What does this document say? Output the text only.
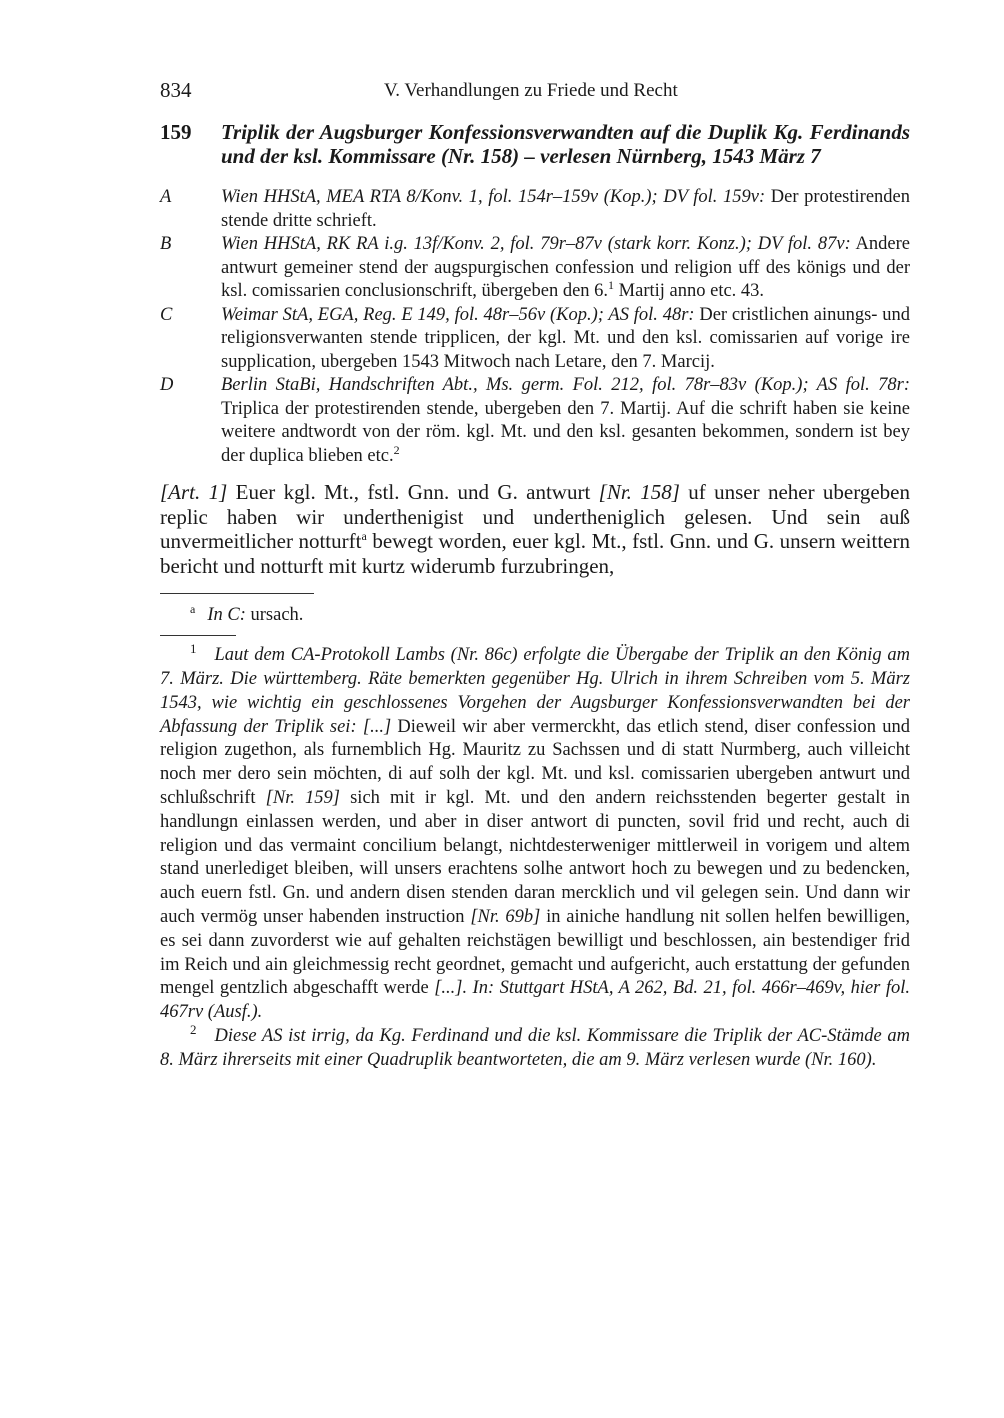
834	V. Verhandlungen zu Friede und Recht
159	Triplik der Augsburger Konfessionsverwandten auf die Duplik Kg. Ferdinands und der ksl. Kommissare (Nr. 158) – verlesen Nürnberg, 1543 März 7
A	Wien HHStA, MEA RTA 8/Konv. 1, fol. 154r–159v (Kop.); DV fol. 159v: Der protestirenden stende dritte schrieft.
B	Wien HHStA, RK RA i.g. 13f/Konv. 2, fol. 79r–87v (stark korr. Konz.); DV fol. 87v: Andere antwurt gemeiner stend der augspurgischen confession und religion uff des königs und der ksl. comissarien conclusionschrift, übergeben den 6.$^1$ Martij anno etc. 43.
C	Weimar StA, EGA, Reg. E 149, fol. 48r–56v (Kop.); AS fol. 48r: Der cristlichen ainungs- und religionsverwanten stende tripplicen, der kgl. Mt. und den ksl. comissarien auf vorige ire supplication, ubergeben 1543 Mitwoch nach Letare, den 7. Marcij.
D	Berlin StaBi, Handschriften Abt., Ms. germ. Fol. 212, fol. 78r–83v (Kop.); AS fol. 78r: Triplica der protestirenden stende, ubergeben den 7. Martij. Auf die schrift haben sie keine weitere andtwordt von der röm. kgl. Mt. und den ksl. gesanten bekommen, sondern ist bey der duplica blieben etc.$^2$
[Art. 1] Euer kgl. Mt., fstl. Gnn. und G. antwurt [Nr. 158] uf unser neher ubergeben replic haben wir underthenigist und undertheniglich gelesen. Und sein auß unvermeitlicher notturft$^a$ bewegt worden, euer kgl. Mt., fstl. Gnn. und G. unsern weittern bericht und notturft mit kurtz widerumb furzubringen,
$^a$ In C: ursach.
$^1$ Laut dem CA-Protokoll Lambs (Nr. 86c) erfolgte die Übergabe der Triplik an den König am 7. März. Die württemberg. Räte bemerkten gegenüber Hg. Ulrich in ihrem Schreiben vom 5. März 1543, wie wichtig ein geschlossenes Vorgehen der Augsburger Konfessionsverwandten bei der Abfassung der Triplik sei: [...] Dieweil wir aber vermerckht, das etlich stend, diser confession und religion zugethon, als furnemblich Hg. Mauritz zu Sachssen und di statt Nurmberg, auch villeicht noch mer dero sein möchten, di auf solh der kgl. Mt. und ksl. comissarien ubergeben antwurt und schlußschrift [Nr. 159] sich mit ir kgl. Mt. und den andern reichsstenden begerter gestalt in handlungn einlassen werden, und aber in diser antwort di puncten, sovil frid und recht, auch di religion und das vermaint concilium belangt, nichtdesterweniger mittlerweil in vorigem und altem stand unerlediget bleiben, will unsers erachtens solhe antwort hoch zu bewegen und zu bedencken, auch euern fstl. Gn. und andern disen stenden daran mercklich und vil gelegen sein. Und dann wir auch vermög unser habenden instruction [Nr. 69b] in ainiche handlung nit sollen helfen bewilligen, es sei dann zuvorderst wie auf gehalten reichstägen bewilligt und beschlossen, ain bestendiger frid im Reich und ain gleichmessig recht geordnet, gemacht und aufgericht, auch erstattung der gefunden mengel gentzlich abgeschafft werde [...]. In: Stuttgart HStA, A 262, Bd. 21, fol. 466r–469v, hier fol. 467rv (Ausf.).
$^2$ Diese AS ist irrig, da Kg. Ferdinand und die ksl. Kommissare die Triplik der AC-Stämde am 8. März ihrerseits mit einer Quadruplik beantworteten, die am 9. März verlesen wurde (Nr. 160).
